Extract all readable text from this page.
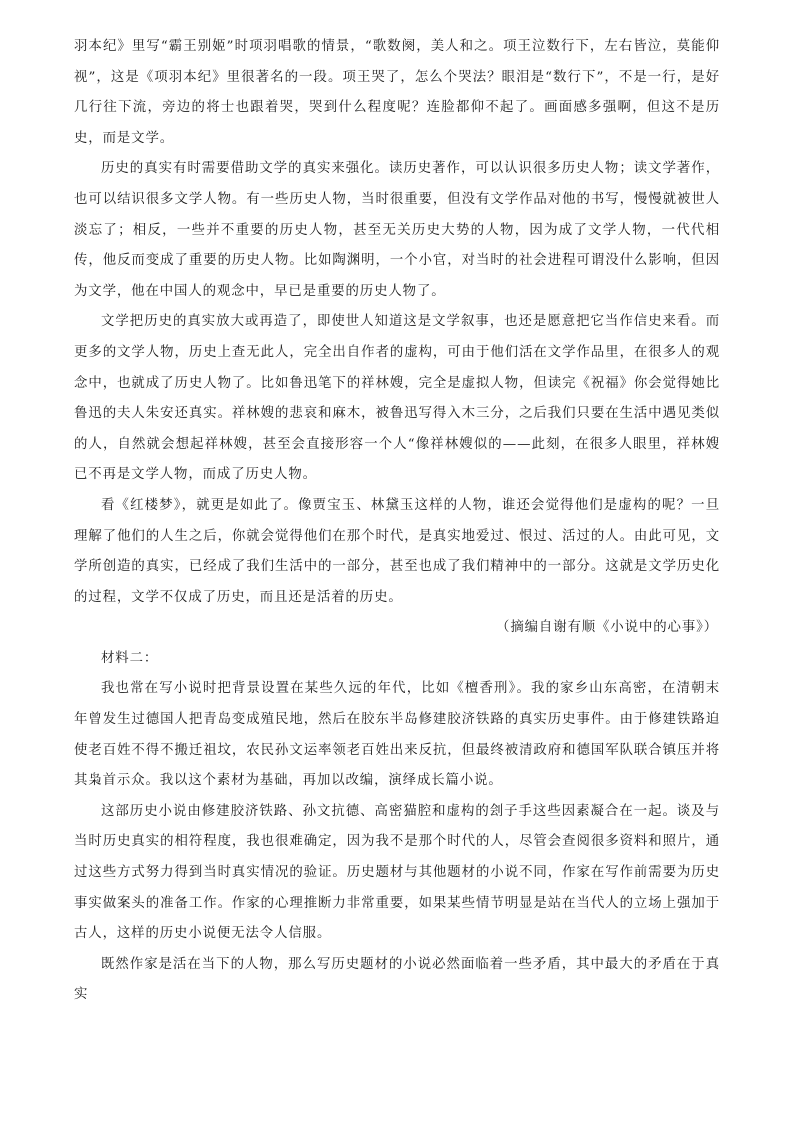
羽本纪》里写“霸王别姬”时项羽唱歌的情景，“歌数阕，美人和之。项王泣数行下，左右皆泣，莫能仰视”，这是《项羽本纪》里很著名的一段。项王哭了，怎么个哭法？眼泪是“数行下”，不是一行，是好几行往下流，旁边的将士也跟着哭，哭到什么程度呢？连脸都仰不起了。画面感多强啊，但这不是历史，而是文学。

历史的真实有时需要借助文学的真实来强化。读历史著作，可以认识很多历史人物；读文学著作，也可以结识很多文学人物。有一些历史人物，当时很重要，但没有文学作品对他的书写，慢慢就被世人淡忘了；相反，一些并不重要的历史人物，甚至无关历史大势的人物，因为成了文学人物，一代代相传，他反而变成了重要的历史人物。比如陶渊明，一个小官，对当时的社会进程可谓没什么影响，但因为文学，他在中国人的观念中，早已是重要的历史人物了。

文学把历史的真实放大或再造了，即使世人知道这是文学叙事，也还是愿意把它当作信史来看。而更多的文学人物，历史上查无此人，完全出自作者的虚构，可由于他们活在文学作品里，在很多人的观念中，也就成了历史人物了。比如鲁迅笔下的祥林嫂，完全是虚拟人物，但读完《祝福》你会觉得她比鲁迅的夫人朱安还真实。祥林嫂的悲哀和麻木，被鲁迅写得入木三分，之后我们只要在生活中遇见类似的人，自然就会想起祥林嫂，甚至会直接形容一个人“像祥林嫂似的——此刻，在很多人眼里，祥林嫂已不再是文学人物，而成了历史人物。

看《红楼梦》，就更是如此了。像贾宝玉、林黛玉这样的人物，谁还会觉得他们是虚构的呢？一旦理解了他们的人生之后，你就会觉得他们在那个时代，是真实地爱过、恨过、活过的人。由此可见，文学所创造的真实，已经成了我们生活中的一部分，甚至也成了我们精神中的一部分。这就是文学历史化的过程，文学不仅成了历史，而且还是活着的历史。

（摘编自谢有顺《小说中的心事》）

材料二：

我也常在写小说时把背景设置在某些久远的年代，比如《檀香刑》。我的家乡山东高密，在清朝末年曾发生过德国人把青岛变成殖民地，然后在胶东半岛修建胶济铁路的真实历史事件。由于修建铁路迫使老百姓不得不搬迁祖坟，农民孙文运率领老百姓出来反抗，但最终被清政府和德国军队联合镇压并将其枭首示众。我以这个素材为基础，再加以改编，演绎成长篇小说。

这部历史小说由修建胶济铁路、孙文抗德、高密猫腔和虚构的刽子手这些因素凝合在一起。谈及与当时历史真实的相符程度，我也很难确定，因为我不是那个时代的人，尽管会查阅很多资料和照片，通过这些方式努力得到当时真实情况的验证。历史题材与其他题材的小说不同，作家在写作前需要为历史事实做案头的准备工作。作家的心理推断力非常重要，如果某些情节明显是站在当代人的立场上强加于古人，这样的历史小说便无法令人信服。

既然作家是活在当下的人物，那么写历史题材的小说必然面临着一些矛盾，其中最大的矛盾在于真实
